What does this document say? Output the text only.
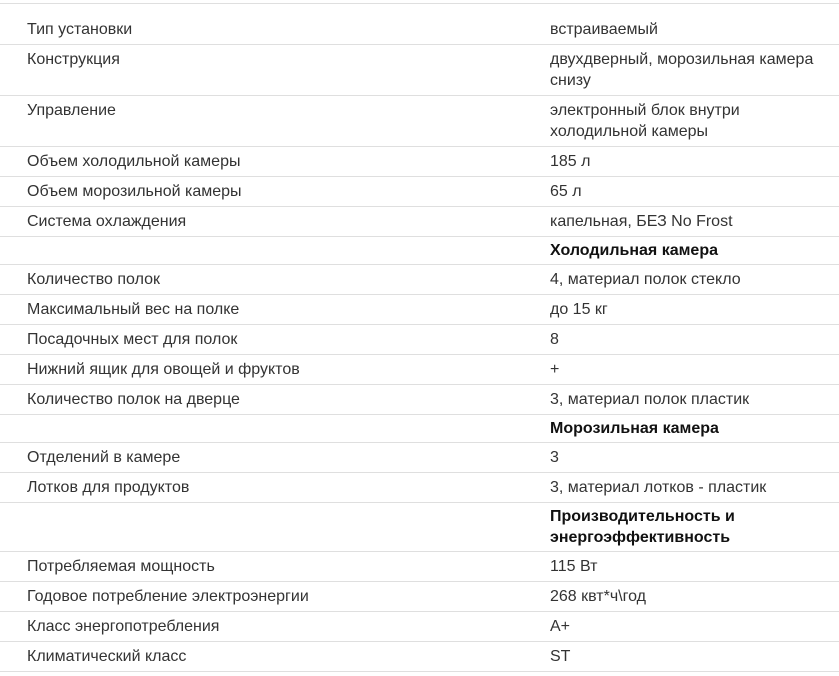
Тип установки	встраиваемый
Конструкция	двухдверный, морозильная камера снизу
Управление	электронный блок внутри холодильной камеры
Объем холодильной камеры	185 л
Объем морозильной камеры	65 л
Система охлаждения	капельная, БЕЗ No Frost
Холодильная камера
Количество полок	4, материал полок стекло
Максимальный вес на полке	до 15 кг
Посадочных мест для полок	8
Нижний ящик для овощей и фруктов	+
Количество полок на дверце	3, материал полок пластик
Морозильная камера
Отделений в камере	3
Лотков для продуктов	3, материал лотков - пластик
Производительность и энергоэффективность
Потребляемая мощность	115 Вт
Годовое потребление электроэнергии	268 квт*ч\год
Класс энергопотребления	A+
Климатический класс	ST
